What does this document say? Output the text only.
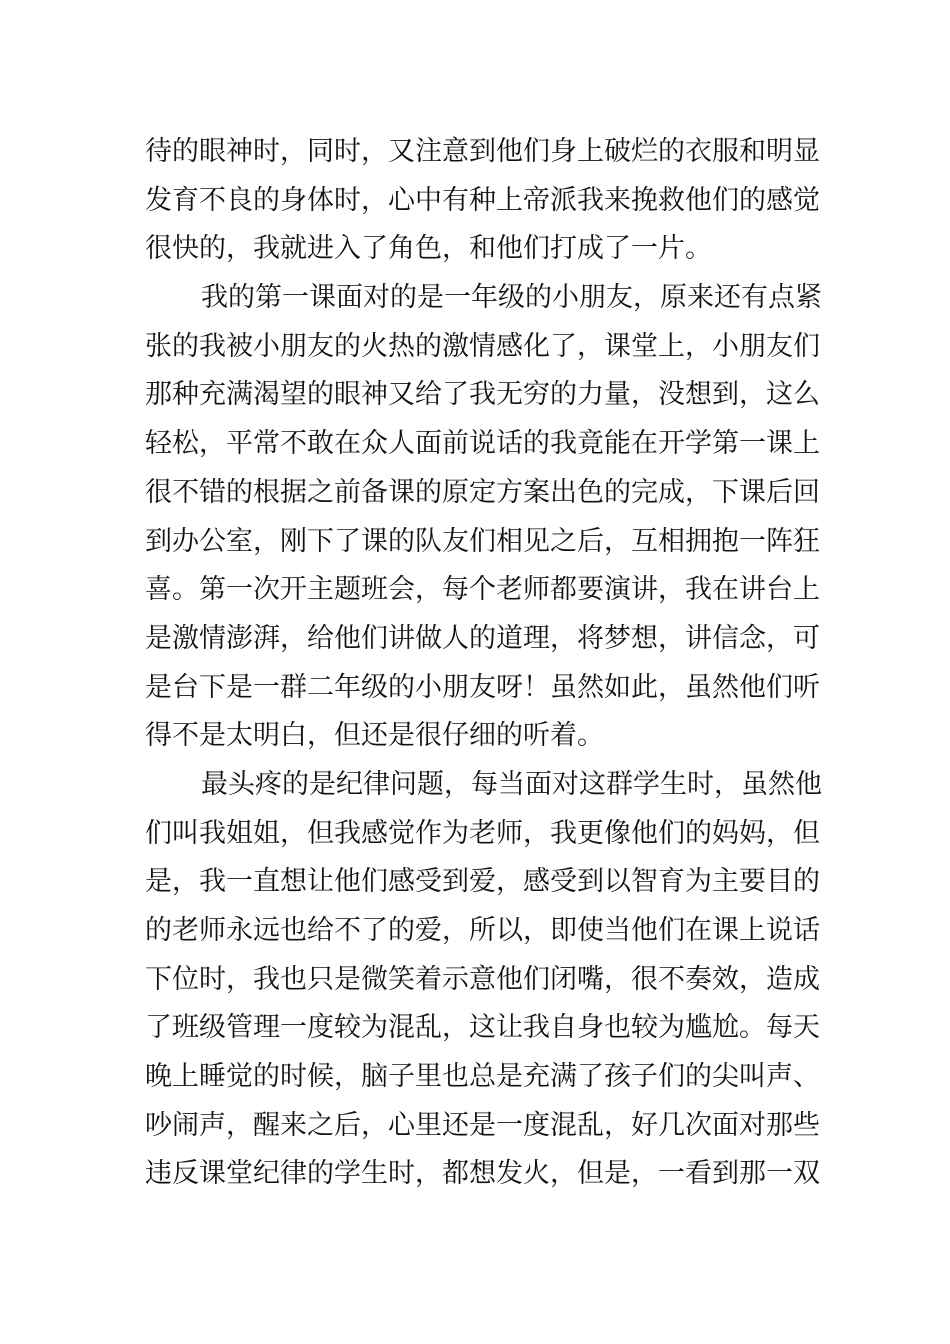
待的眼神时，同时，又注意到他们身上破烂的衣服和明显
发育不良的身体时，心中有种上帝派我来挽救他们的感觉
很快的，我就进入了角色，和他们打成了一片。
我的第一课面对的是一年级的小朋友，原来还有点紧
张的我被小朋友的火热的激情感化了，课堂上，小朋友们
那种充满渴望的眼神又给了我无穷的力量，没想到，这么
轻松，平常不敢在众人面前说话的我竟能在开学第一课上
很不错的根据之前备课的原定方案出色的完成，下课后回
到办公室，刚下了课的队友们相见之后，互相拥抱一阵狂
喜。第一次开主题班会，每个老师都要演讲，我在讲台上
是激情澎湃，给他们讲做人的道理，将梦想，讲信念，可
是台下是一群二年级的小朋友呀！虽然如此，虽然他们听
得不是太明白，但还是很仔细的听着。
最头疼的是纪律问题，每当面对这群学生时，虽然他
们叫我姐姐，但我感觉作为老师，我更像他们的妈妈，但
是，我一直想让他们感受到爱，感受到以智育为主要目的
的老师永远也给不了的爱，所以，即使当他们在课上说话
下位时，我也只是微笑着示意他们闭嘴，很不奏效，造成
了班级管理一度较为混乱，这让我自身也较为尴尬。每天
晚上睡觉的时候，脑子里也总是充满了孩子们的尖叫声、
吵闹声，醒来之后，心里还是一度混乱，好几次面对那些
违反课堂纪律的学生时，都想发火，但是，一看到那一双
